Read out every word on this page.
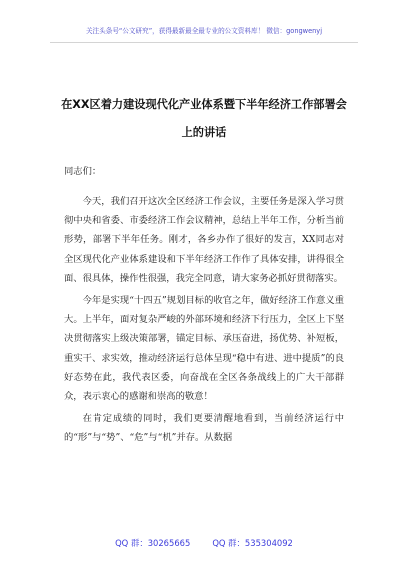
关注头条号“公文研究”，获得最新最全最专业的公文资料库！ 微信：gongwenyj
在XX区着力建设现代化产业体系暨下半年经济工作部署会
上的讲话
同志们：

今天，我们召开这次全区经济工作会议，主要任务是深入学习贯彻中央和省委、市委经济工作会议精神，总结上半年工作，分析当前形势，部署下半年任务。刚才，各乡办作了很好的发言，XX同志对全区现代化产业体系建设和下半年经济工作作了具体安排，讲得很全面、很具体，操作性很强，我完全同意，请大家务必抓好贯彻落实。

今年是实现“十四五”规划目标的收官之年，做好经济工作意义重大。上半年，面对复杂严峻的外部环境和经济下行压力，全区上下坚决贯彻落实上级决策部署，锚定目标、承压奋进，扬优势、补短板，重实干、求实效，推动经济运行总体呈现“稳中有进、进中提质”的良好态势在此，我代表区委，向奋战在全区各条战线上的广大干部群众，表示衷心的感谢和崇高的敬意！

在肯定成绩的同时，我们更要清醒地看到，当前经济运行中的“形”与“势”、“危”与“机”并存。从数据

QQ 群：30265665	QQ 群：535304092
